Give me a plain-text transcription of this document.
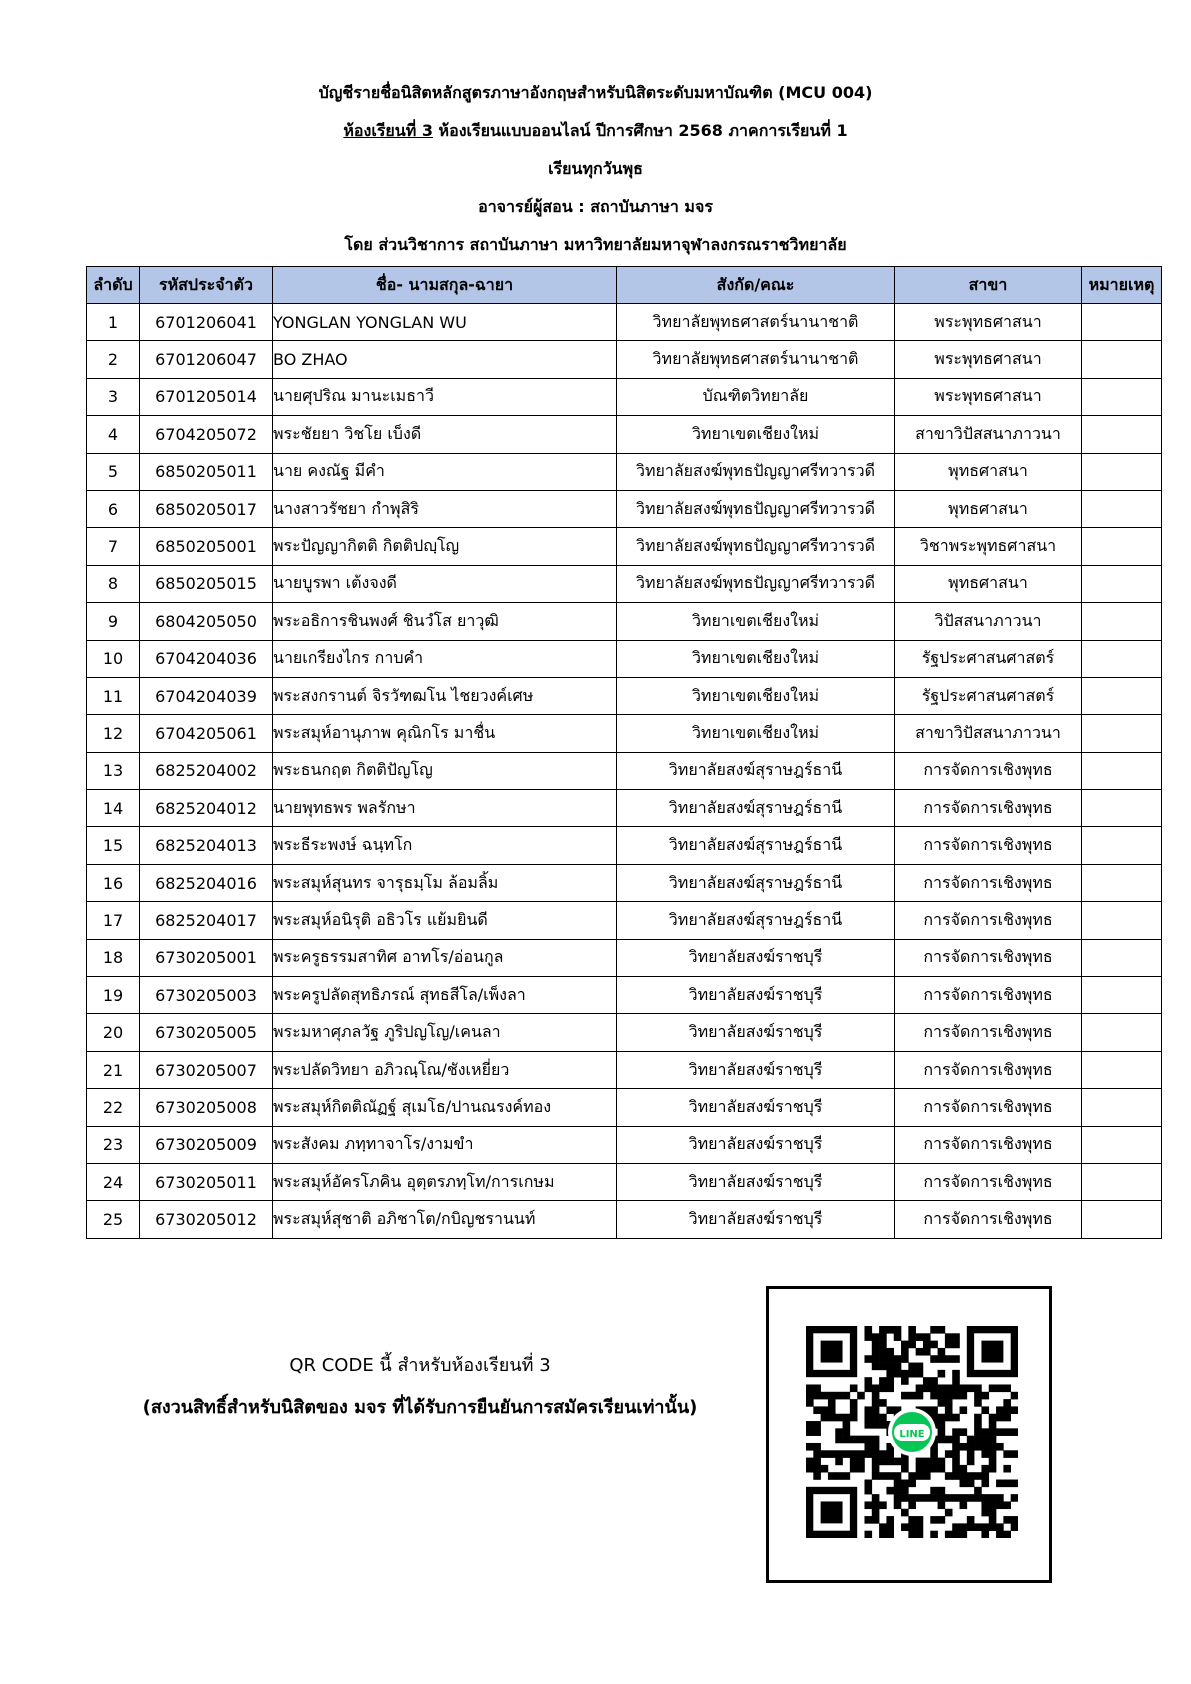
บัญชีรายชื่อนิสิตหลักสูตรภาษาอังกฤษสำหรับนิสิตระดับมหาบัณฑิต (MCU 004)
ห้องเรียนที่ 3 ห้องเรียนแบบออนไลน์ ปีการศึกษา 2568 ภาคการเรียนที่ 1
เรียนทุกวันพุธ
อาจารย์ผู้สอน : สถาบันภาษา มจร
โดย ส่วนวิชาการ สถาบันภาษา มหาวิทยาลัยมหาจุฬาลงกรณราชวิทยาลัย
ลำดับ	รหัสประจำตัว	ชื่อ- นามสกุล-ฉายา	สังกัด/คณะ	สาขา	หมายเหตุ
1	6701206041	YONGLAN YONGLAN WU	วิทยาลัยพุทธศาสตร์นานาชาติ	พระพุทธศาสนา	
2	6701206047	BO ZHAO	วิทยาลัยพุทธศาสตร์นานาชาติ	พระพุทธศาสนา	
3	6701205014	นายศุปริณ มานะเมธาวี	บัณฑิตวิทยาลัย	พระพุทธศาสนา	
4	6704205072	พระชัยยา วิชโย เบ็งดี	วิทยาเขตเชียงใหม่	สาขาวิปัสสนาภาวนา	
5	6850205011	นาย คงณัฐ มีคำ	วิทยาลัยสงฆ์พุทธปัญญาศรีทวารวดี	พุทธศาสนา	
6	6850205017	นางสาวรัชยา กำพุสิริ	วิทยาลัยสงฆ์พุทธปัญญาศรีทวารวดี	พุทธศาสนา	
7	6850205001	พระปัญญากิตติ กิตติปญฺโญ	วิทยาลัยสงฆ์พุทธปัญญาศรีทวารวดี	วิชาพระพุทธศาสนา	
8	6850205015	นายบูรพา เต้งจงดี	วิทยาลัยสงฆ์พุทธปัญญาศรีทวารวดี	พุทธศาสนา	
9	6804205050	พระอธิการชินพงศ์ ชินวํโส ยาวุฒิ	วิทยาเขตเชียงใหม่	วิปัสสนาภาวนา	
10	6704204036	นายเกรียงไกร กาบคำ	วิทยาเขตเชียงใหม่	รัฐประศาสนศาสตร์	
11	6704204039	พระสงกรานต์ จิรวัฑฒโน ไชยวงค์เศษ	วิทยาเขตเชียงใหม่	รัฐประศาสนศาสตร์	
12	6704205061	พระสมุห์อานุภาพ คุณิกโร มาชื่น	วิทยาเขตเชียงใหม่	สาขาวิปัสสนาภาวนา	
13	6825204002	พระธนกฤต กิตติปัญโญ	วิทยาลัยสงฆ์สุราษฎร์ธานี	การจัดการเชิงพุทธ	
14	6825204012	นายพุทธพร พลรักษา	วิทยาลัยสงฆ์สุราษฎร์ธานี	การจัดการเชิงพุทธ	
15	6825204013	พระธีระพงษ์ ฉนฺทโก	วิทยาลัยสงฆ์สุราษฎร์ธานี	การจัดการเชิงพุทธ	
16	6825204016	พระสมุห์สุนทร จารุธมฺโม ล้อมลิ้ม	วิทยาลัยสงฆ์สุราษฎร์ธานี	การจัดการเชิงพุทธ	
17	6825204017	พระสมุห์อนิรุติ อธิวโร แย้มยินดี	วิทยาลัยสงฆ์สุราษฎร์ธานี	การจัดการเชิงพุทธ	
18	6730205001	พระครูธรรมสาทิศ อาทโร/อ่อนกูล	วิทยาลัยสงฆ์ราชบุรี	การจัดการเชิงพุทธ	
19	6730205003	พระครูปลัดสุทธิภรณ์ สุทธสีโล/เพ็งลา	วิทยาลัยสงฆ์ราชบุรี	การจัดการเชิงพุทธ	
20	6730205005	พระมหาศุภลวัฐ ภูริปญโญ/เคนลา	วิทยาลัยสงฆ์ราชบุรี	การจัดการเชิงพุทธ	
21	6730205007	พระปลัดวิทยา อภิวณฺโณ/ชังเหยี่ยว	วิทยาลัยสงฆ์ราชบุรี	การจัดการเชิงพุทธ	
22	6730205008	พระสมุห์กิตติณัฏฐ์ สุเมโธ/ปานณรงค์ทอง	วิทยาลัยสงฆ์ราชบุรี	การจัดการเชิงพุทธ	
23	6730205009	พระสังคม ภทฺทาจาโร/งามขำ	วิทยาลัยสงฆ์ราชบุรี	การจัดการเชิงพุทธ	
24	6730205011	พระสมุห์อัครโภคิน อุตฺตรภทฺโท/การเกษม	วิทยาลัยสงฆ์ราชบุรี	การจัดการเชิงพุทธ	
25	6730205012	พระสมุห์สุชาติ อภิชาโต/กบิญชรานนท์	วิทยาลัยสงฆ์ราชบุรี	การจัดการเชิงพุทธ	
QR CODE นี้ สำหรับห้องเรียนที่ 3
(สงวนสิทธิ์สำหรับนิสิตของ มจร ที่ได้รับการยืนยันการสมัครเรียนเท่านั้น)
LINE
